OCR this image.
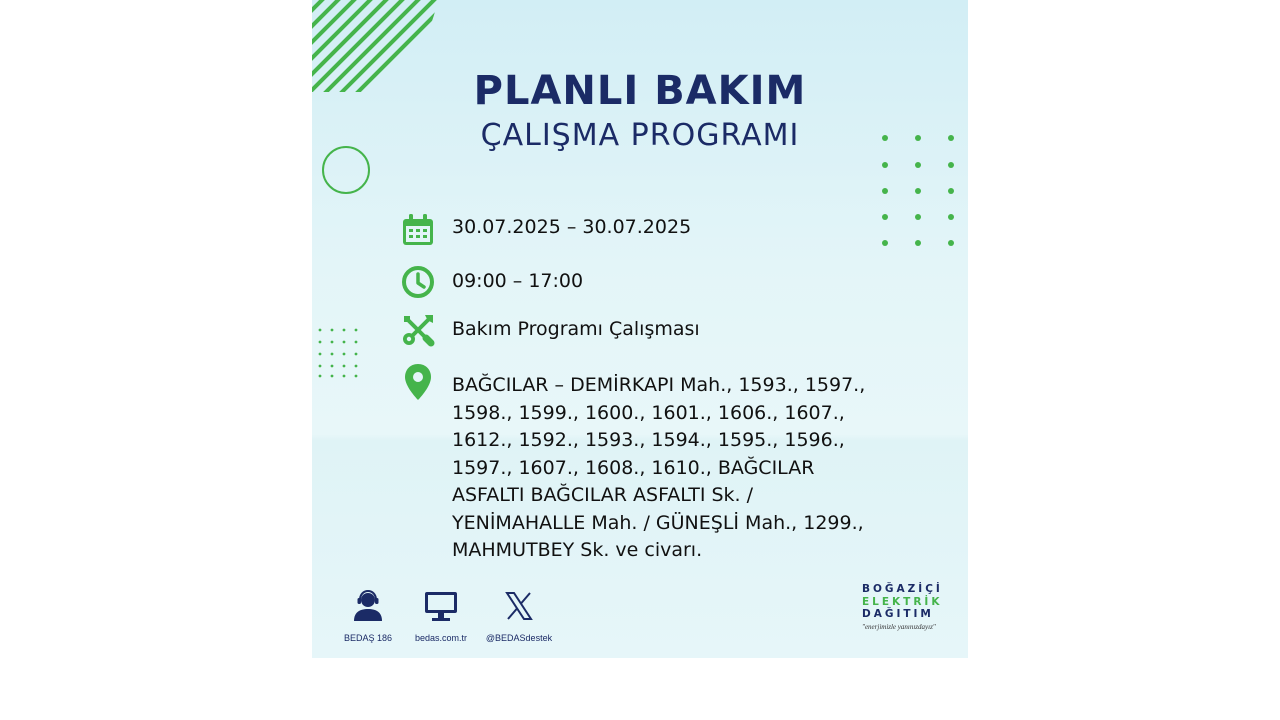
PLANLI BAKIM
ÇALIŞMA PROGRAMI
30.07.2025 – 30.07.2025
09:00 – 17:00
Bakım Programı Çalışması
BAĞCILAR – DEMİRKAPI Mah., 1593., 1597.,
1598., 1599., 1600., 1601., 1606., 1607.,
1612., 1592., 1593., 1594., 1595., 1596.,
1597., 1607., 1608., 1610., BAĞCILAR
ASFALTI BAĞCILAR ASFALTI Sk. /
YENİMAHALLE Mah. / GÜNEŞLİ Mah., 1299.,
MAHMUTBEY Sk. ve civarı.
BEDAŞ 186	bedas.com.tr	@BEDASdestek
BOĞAZİÇİ
ELEKTRİK
DAĞITIM
"enerjimizle yanınızdayız"
